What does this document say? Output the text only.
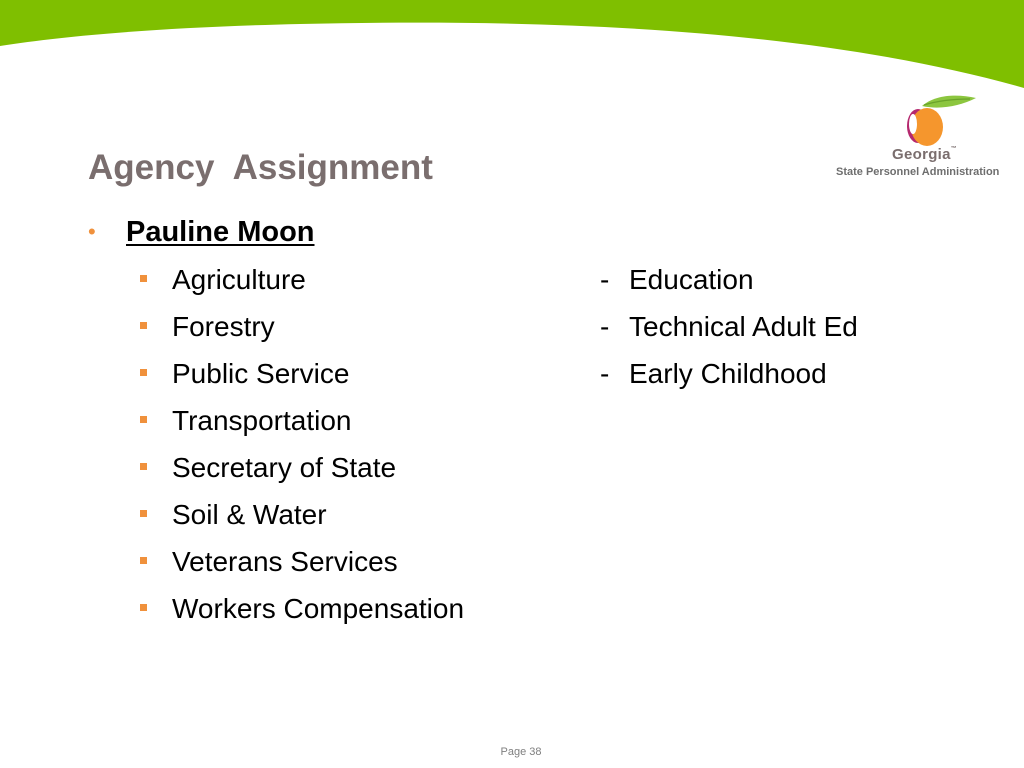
Georgia™
State Personnel Administration
Agency  Assignment
• Pauline Moon
Agriculture
Forestry
Public Service
Transportation
Secretary of State
Soil & Water
Veterans Services
Workers Compensation
- Education
- Technical Adult Ed
- Early Childhood
Page 38
